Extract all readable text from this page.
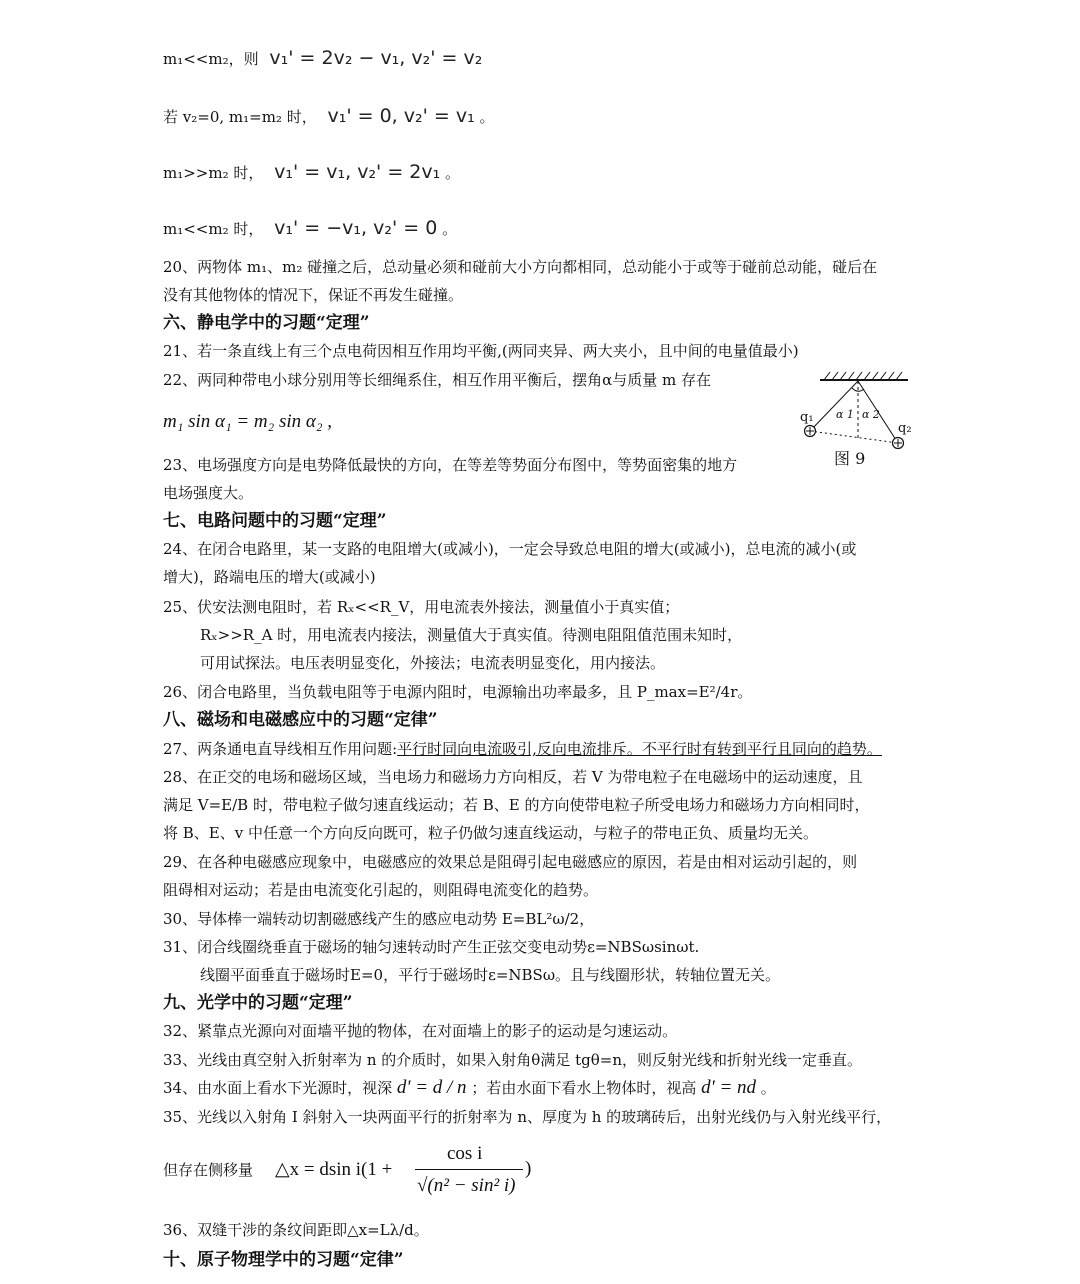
m₁<<m₂，则 v₁' = 2v₂ − v₁, v₂' = v₂
若 v₂=0, m₁=m₂ 时， v₁' = 0, v₂' = v₁ 。
m₁>>m₂ 时， v₁' = v₁, v₂' = 2v₁ 。
m₁<<m₂ 时， v₁' = −v₁, v₂' = 0 。
20、两物体 m₁、m₂ 碰撞之后，总动量必须和碰前大小方向都相同，总动能小于或等于碰前总动能，碰后在
没有其他物体的情况下，保证不再发生碰撞。
六、静电学中的习题“定理”
21、若一条直线上有三个点电荷因相互作用均平衡,(两同夹异、两大夹小，且中间的电量值最小)
22、两同种带电小球分别用等长细绳系住，相互作用平衡后，摆角α与质量 m 存在
m₁ sin α₁ = m₂ sin α₂ ,
23、电场强度方向是电势降低最快的方向，在等差等势面分布图中，等势面密集的地方
电场强度大。
七、电路问题中的习题“定理”
24、在闭合电路里，某一支路的电阻增大(或减小)，一定会导致总电阻的增大(或减小)，总电流的减小(或
增大)，路端电压的增大(或减小)
25、伏安法测电阻时，若 Rₓ<<R_V，用电流表外接法，测量值小于真实值；
Rₓ>>R_A 时，用电流表内接法，测量值大于真实值。待测电阻阻值范围未知时，
可用试探法。电压表明显变化，外接法；电流表明显变化，用内接法。
26、闭合电路里，当负载电阻等于电源内阻时，电源输出功率最多，且 P_max=E²/4r。
八、磁场和电磁感应中的习题“定律”
27、两条通电直导线相互作用问题:平行时同向电流吸引,反向电流排斥。不平行时有转到平行且同向的趋势。
28、在正交的电场和磁场区域，当电场力和磁场力方向相反，若 V 为带电粒子在电磁场中的运动速度，且
满足 V=E/B 时，带电粒子做匀速直线运动；若 B、E 的方向使带电粒子所受电场力和磁场力方向相同时，
将 B、E、v 中任意一个方向反向既可，粒子仍做匀速直线运动，与粒子的带电正负、质量均无关。
29、在各种电磁感应现象中，电磁感应的效果总是阻碍引起电磁感应的原因，若是由相对运动引起的，则
阻碍相对运动；若是由电流变化引起的，则阻碍电流变化的趋势。
30、导体棒一端转动切割磁感线产生的感应电动势 E=BL²ω/2，
31、闭合线圈绕垂直于磁场的轴匀速转动时产生正弦交变电动势ε=NBSωsinωt.
线圈平面垂直于磁场时E=0，平行于磁场时ε=NBSω。且与线圈形状，转轴位置无关。
九、光学中的习题“定理”
32、紧靠点光源向对面墙平抛的物体，在对面墙上的影子的运动是匀速运动。
33、光线由真空射入折射率为 n 的介质时，如果入射角θ满足 tgθ=n，则反射光线和折射光线一定垂直。
34、由水面上看水下光源时，视深 d' = d / n ；若由水面下看水上物体时，视高 d' = nd 。
35、光线以入射角 I 斜射入一块两面平行的折射率为 n、厚度为 h 的玻璃砖后，出射光线仍与入射光线平行，
但存在侧移量 △x = dsin i(1 +
cos i
√(n² − sin² i)
)
36、双缝干涉的条纹间距即△x=Lλ/d。
十、原子物理学中的习题“定律”
q₁
q₂
α 1 α 2
图 9
